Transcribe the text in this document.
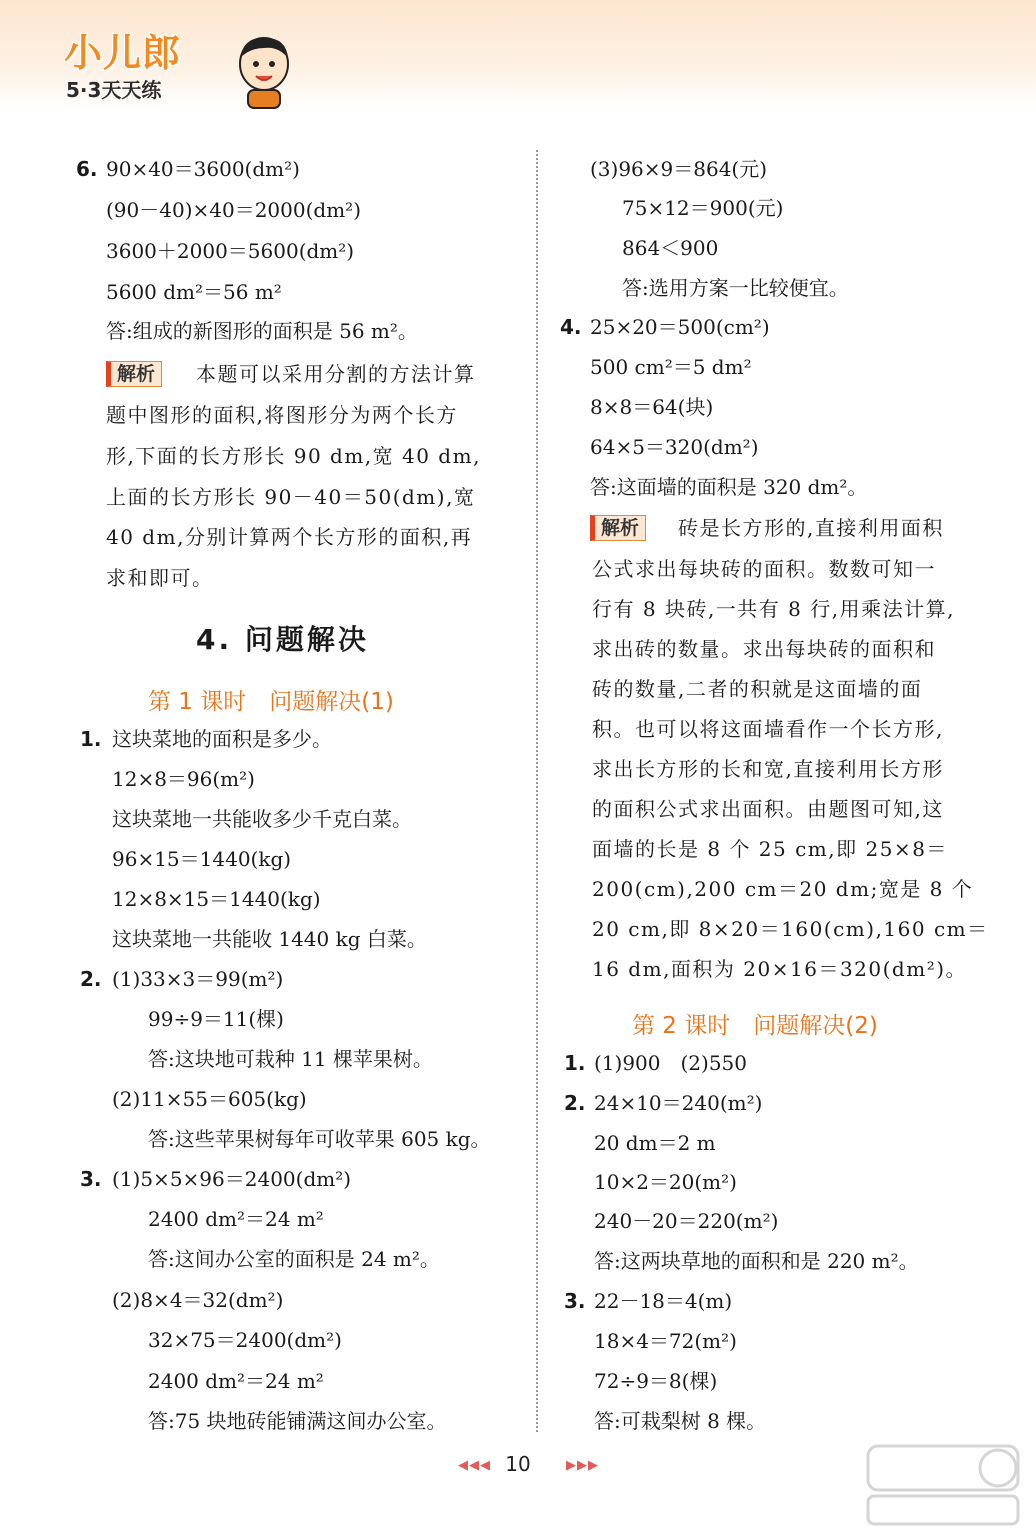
小儿郎
5·3天天练
6. 90×40＝3600(dm²)
(90－40)×40＝2000(dm²)
3600＋2000＝5600(dm²)
5600 dm²＝56 m²
答:组成的新图形的面积是 56 m²。
解析	本题可以采用分割的方法计算
题中图形的面积,将图形分为两个长方
形,下面的长方形长 90 dm,宽 40 dm,
上面的长方形长 90－40＝50(dm),宽
40 dm,分别计算两个长方形的面积,再
求和即可。
4. 问题解决
第 1 课时　问题解决(1)
1. 这块菜地的面积是多少。
12×8＝96(m²)
这块菜地一共能收多少千克白菜。
96×15＝1440(kg)
12×8×15＝1440(kg)
这块菜地一共能收 1440 kg 白菜。
2. (1)33×3＝99(m²)
99÷9＝11(棵)
答:这块地可栽种 11 棵苹果树。
(2)11×55＝605(kg)
答:这些苹果树每年可收苹果 605 kg。
3. (1)5×5×96＝2400(dm²)
2400 dm²＝24 m²
答:这间办公室的面积是 24 m²。
(2)8×4＝32(dm²)
32×75＝2400(dm²)
2400 dm²＝24 m²
答:75 块地砖能铺满这间办公室。
(3)96×9＝864(元)
75×12＝900(元)
864＜900
答:选用方案一比较便宜。
4. 25×20＝500(cm²)
500 cm²＝5 dm²
8×8＝64(块)
64×5＝320(dm²)
答:这面墙的面积是 320 dm²。
解析	砖是长方形的,直接利用面积
公式求出每块砖的面积。数数可知一
行有 8 块砖,一共有 8 行,用乘法计算,
求出砖的数量。求出每块砖的面积和
砖的数量,二者的积就是这面墙的面
积。也可以将这面墙看作一个长方形,
求出长方形的长和宽,直接利用长方形
的面积公式求出面积。由题图可知,这
面墙的长是 8 个 25 cm,即 25×8＝
200(cm),200 cm＝20 dm;宽是 8 个
20 cm,即 8×20＝160(cm),160 cm＝
16 dm,面积为 20×16＝320(dm²)。
第 2 课时　问题解决(2)
1. (1)900　(2)550
2. 24×10＝240(m²)
20 dm＝2 m
10×2＝20(m²)
240－20＝220(m²)
答:这两块草地的面积和是 220 m²。
3. 22－18＝4(m)
18×4＝72(m²)
72÷9＝8(棵)
答:可栽梨树 8 棵。
◀◀◀ 10	▶▶▶
